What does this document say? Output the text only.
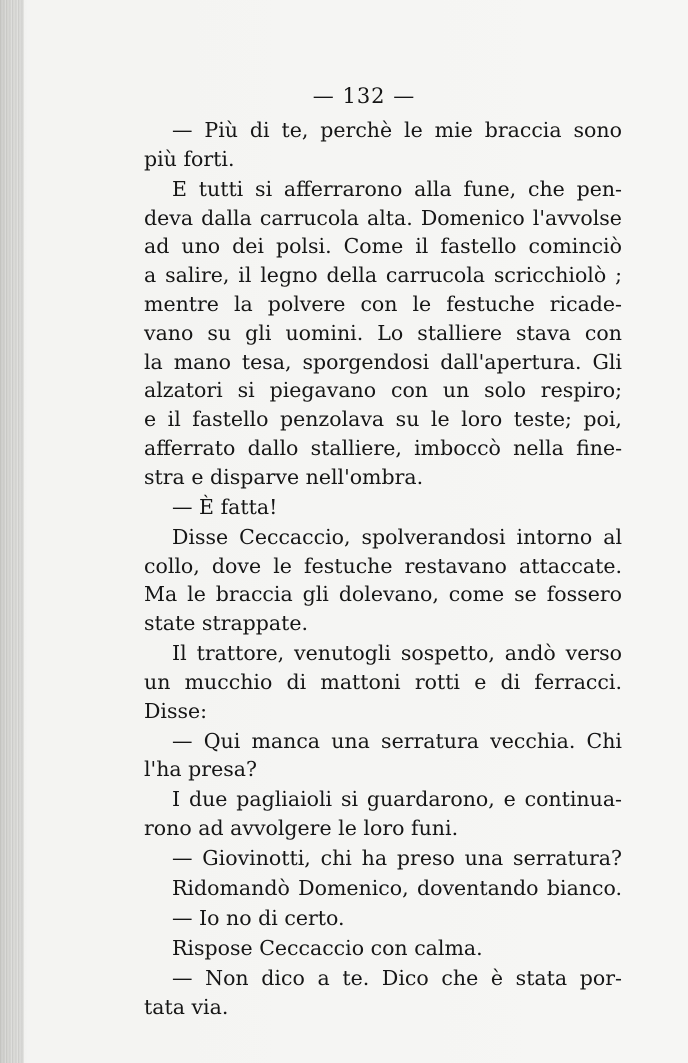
— 132 —
— Più di te, perchè le mie braccia sono
più forti.
E tutti si afferrarono alla fune, che pen-
deva dalla carrucola alta. Domenico l'avvolse
ad uno dei polsi. Come il fastello cominciò
a salire, il legno della carrucola scricchiolò ;
mentre la polvere con le festuche ricade-
vano su gli uomini. Lo stalliere stava con
la mano tesa, sporgendosi dall'apertura. Gli
alzatori si piegavano con un solo respiro;
e il fastello penzolava su le loro teste; poi,
afferrato dallo stalliere, imboccò nella fine-
stra e disparve nell'ombra.
— È fatta!
Disse Ceccaccio, spolverandosi intorno al
collo, dove le festuche restavano attaccate.
Ma le braccia gli dolevano, come se fossero
state strappate.
Il trattore, venutogli sospetto, andò verso
un mucchio di mattoni rotti e di ferracci.
Disse:
— Qui manca una serratura vecchia. Chi
l'ha presa?
I due pagliaioli si guardarono, e continua-
rono ad avvolgere le loro funi.
— Giovinotti, chi ha preso una serratura?
Ridomandò Domenico, doventando bianco.
— Io no di certo.
Rispose Ceccaccio con calma.
— Non dico a te. Dico che è stata por-
tata via.
